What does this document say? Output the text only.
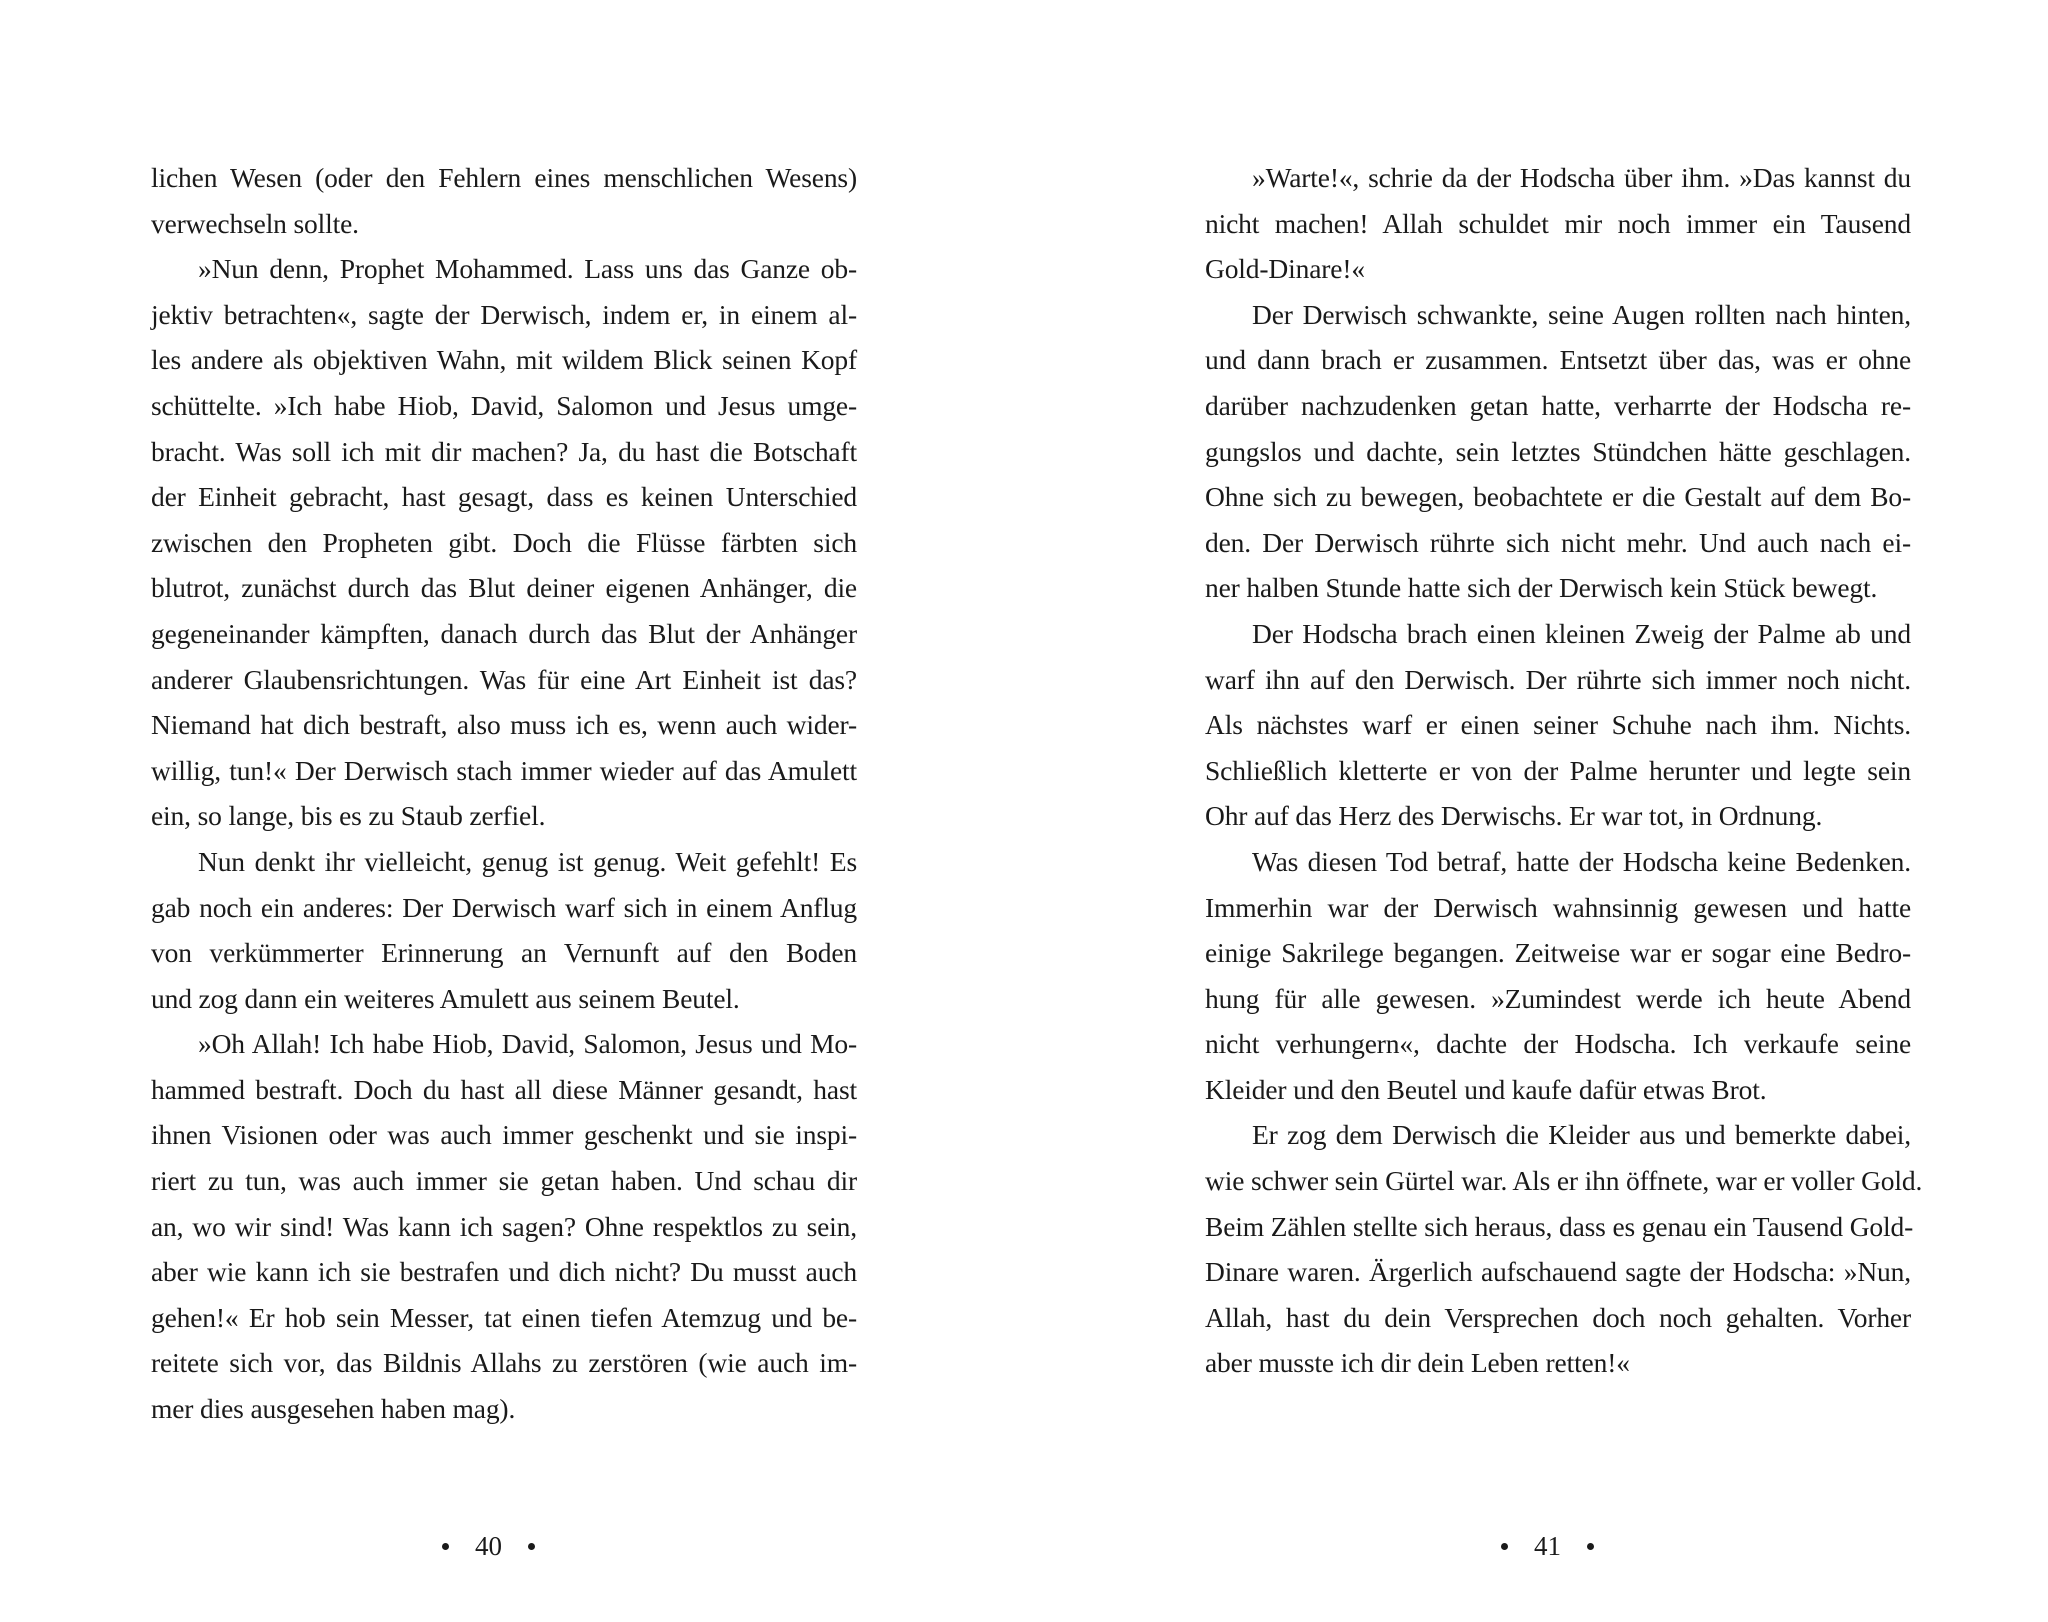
lichen Wesen (oder den Fehlern eines menschlichen Wesens)
verwechseln sollte.
»Nun denn, Prophet Mohammed. Lass uns das Ganze ob-
jektiv betrachten«, sagte der Derwisch, indem er, in einem al-
les andere als objektiven Wahn, mit wildem Blick seinen Kopf
schüttelte. »Ich habe Hiob, David, Salomon und Jesus umge-
bracht. Was soll ich mit dir machen? Ja, du hast die Botschaft
der Einheit gebracht, hast gesagt, dass es keinen Unterschied
zwischen den Propheten gibt. Doch die Flüsse färbten sich
blutrot, zunächst durch das Blut deiner eigenen Anhänger, die
gegeneinander kämpften, danach durch das Blut der Anhänger
anderer Glaubensrichtungen. Was für eine Art Einheit ist das?
Niemand hat dich bestraft, also muss ich es, wenn auch wider-
willig, tun!« Der Derwisch stach immer wieder auf das Amulett
ein, so lange, bis es zu Staub zerfiel.
Nun denkt ihr vielleicht, genug ist genug. Weit gefehlt! Es
gab noch ein anderes: Der Derwisch warf sich in einem Anflug
von verkümmerter Erinnerung an Vernunft auf den Boden
und zog dann ein weiteres Amulett aus seinem Beutel.
»Oh Allah! Ich habe Hiob, David, Salomon, Jesus und Mo-
hammed bestraft. Doch du hast all diese Männer gesandt, hast
ihnen Visionen oder was auch immer geschenkt und sie inspi-
riert zu tun, was auch immer sie getan haben. Und schau dir
an, wo wir sind! Was kann ich sagen? Ohne respektlos zu sein,
aber wie kann ich sie bestrafen und dich nicht? Du musst auch
gehen!« Er hob sein Messer, tat einen tiefen Atemzug und be-
reitete sich vor, das Bildnis Allahs zu zerstören (wie auch im-
mer dies ausgesehen haben mag).
40
»Warte!«, schrie da der Hodscha über ihm. »Das kannst du
nicht machen! Allah schuldet mir noch immer ein Tausend
Gold-Dinare!«
Der Derwisch schwankte, seine Augen rollten nach hinten,
und dann brach er zusammen. Entsetzt über das, was er ohne
darüber nachzudenken getan hatte, verharrte der Hodscha re-
gungslos und dachte, sein letztes Stündchen hätte geschlagen.
Ohne sich zu bewegen, beobachtete er die Gestalt auf dem Bo-
den. Der Derwisch rührte sich nicht mehr. Und auch nach ei-
ner halben Stunde hatte sich der Derwisch kein Stück bewegt.
Der Hodscha brach einen kleinen Zweig der Palme ab und
warf ihn auf den Derwisch. Der rührte sich immer noch nicht.
Als nächstes warf er einen seiner Schuhe nach ihm. Nichts.
Schließlich kletterte er von der Palme herunter und legte sein
Ohr auf das Herz des Derwischs. Er war tot, in Ordnung.
Was diesen Tod betraf, hatte der Hodscha keine Bedenken.
Immerhin war der Derwisch wahnsinnig gewesen und hatte
einige Sakrilege begangen. Zeitweise war er sogar eine Bedro-
hung für alle gewesen. »Zumindest werde ich heute Abend
nicht verhungern«, dachte der Hodscha. Ich verkaufe seine
Kleider und den Beutel und kaufe dafür etwas Brot.
Er zog dem Derwisch die Kleider aus und bemerkte dabei,
wie schwer sein Gürtel war. Als er ihn öffnete, war er voller Gold.
Beim Zählen stellte sich heraus, dass es genau ein Tausend Gold-
Dinare waren. Ärgerlich aufschauend sagte der Hodscha: »Nun,
Allah, hast du dein Versprechen doch noch gehalten. Vorher
aber musste ich dir dein Leben retten!«
41
